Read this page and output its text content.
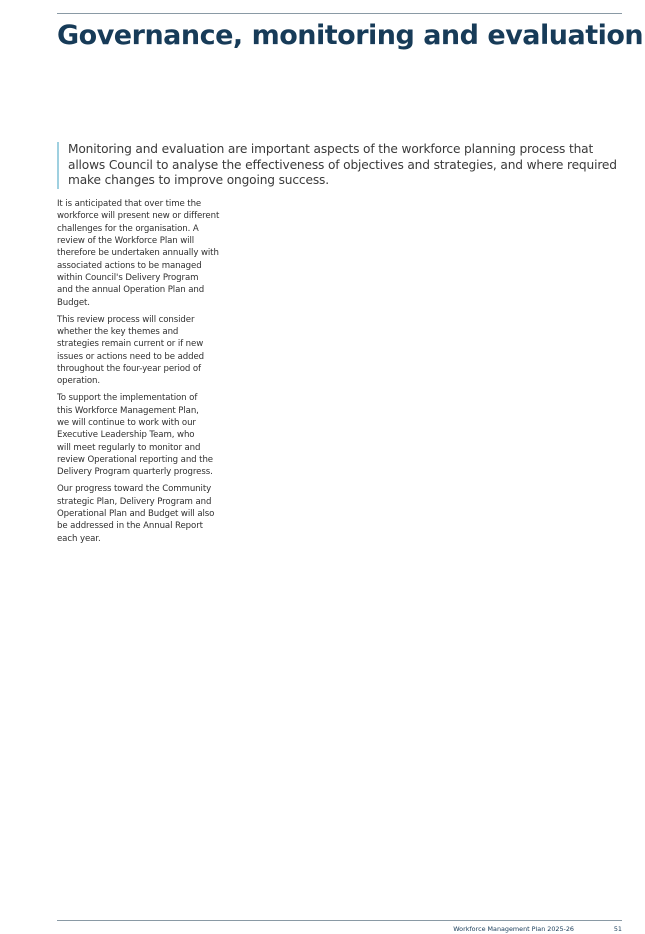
Governance, monitoring and evaluation
Monitoring and evaluation are important aspects of the workforce planning process that
allows Council to analyse the effectiveness of objectives and strategies, and where required
make changes to improve ongoing success.

It is anticipated that over time the
workforce will present new or different
challenges for the organisation. A
review of the Workforce Plan will
therefore be undertaken annually with
associated actions to be managed
within Council's Delivery Program
and the annual Operation Plan and
Budget.

This review process will consider
whether the key themes and
strategies remain current or if new
issues or actions need to be added
throughout the four-year period of
operation.

To support the implementation of
this Workforce Management Plan,
we will continue to work with our
Executive Leadership Team, who
will meet regularly to monitor and
review Operational reporting and the
Delivery Program quarterly progress.

Our progress toward the Community
strategic Plan, Delivery Program and
Operational Plan and Budget will also
be addressed in the Annual Report
each year.

Workforce Management Plan 2025-26	51
